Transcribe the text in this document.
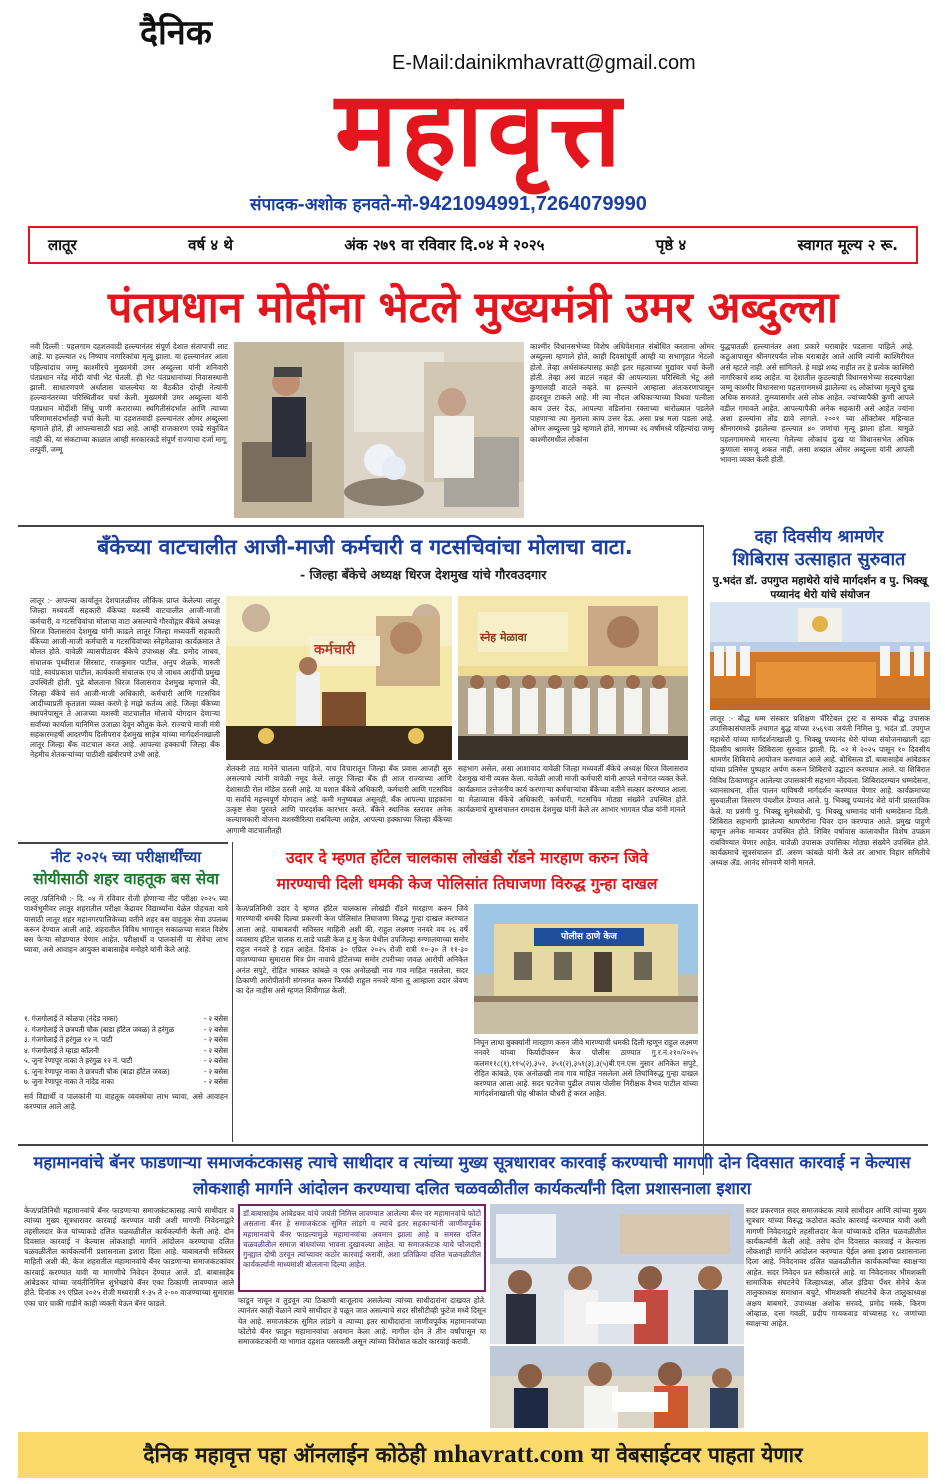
दैनिक
E-Mail:dainikmhavratt@gmail.com
महावृत्त
संपादक-अशोक हनवते-मो-9421094991,7264079990
लातूर	वर्ष ४ थे	अंक २७९ वा रविवार दि.०४ मे २०२५	पृष्ठे ४	स्वागत मूल्य २ रू.
पंतप्रधान मोदींना भेटले मुख्यमंत्री उमर अब्दुल्ला
नवी दिल्ली : पहलगाम दहशतवादी हल्ल्यानंतर संपूर्ण देशात संतापाची लाट आहे. या हल्ल्यात २६ निष्पाप नागरिकांचा मृत्यू झाला. या हल्ल्यानंतर आता पहिल्यांदाच जम्मू काश्मीरचे मुख्यमंत्री उमर अब्दुल्ला यांनी शनिवारी पंतप्रधान नरेंद्र मोदी यांची भेट घेतली. ही भेट पंतप्रधानांच्या निवासस्थानी झाली. साधारणपणे अर्धातास चालल्येया या बैठकीत दोन्ही नेत्यांनी हल्ल्यानंतरच्या परिस्थितीवर चर्चा केली. मुख्यमंत्री उमर अब्दुल्ला यांनी पंतप्रधान मोदींशी सिंधू पाणी कराराच्या स्थगितीसंदर्भात आणि त्याच्या परिणामासंदर्भातही चर्चा केली. या दहशतवादी हल्ल्यानंतर ओमर अब्दुल्ला म्हणाले होते, ही आपल्यासाठी धडा आहे. आम्ही राजकारण एवढे संकुचित नाही की, या संकटाच्या काळात आम्ही सरकारकडे संपूर्ण राज्याचा दर्जा मागू. तत्पूर्वी, जम्मू
काश्मीर विधानसभेच्या विशेष अधिवेशनात संबोधित करताना ओमर अब्दुल्ला म्हणाले होते, काही दिवसांपूर्वी आम्ही या सभागृहात भेटलो होतो. तेव्हा अर्थसंकल्पासह काही इतर महत्वाच्या मुद्यांवर चर्चा केली होती. तेव्हा असं वाटलं नव्हतं की आपल्याला परिस्थिती भेटू असे कुणालाही वाटले नव्हते. या हल्ल्याने आम्हाला अंतःकरणापासून हादरवून टाकले आहे. मी त्या नौदल अधिकाऱ्याच्या विधवा पत्नीला काय उत्तर देऊ, आपल्या वडिलांना रक्ताच्या थारोळ्यात पडलेले पाहणाऱ्या त्या मुलाला काय उत्तर देऊ. असा प्रश्न मला पडला आहे. ओमर अब्दुल्ला पुढे म्हणाले होते, मागच्या २६ वर्षांमध्ये पहिल्यांदा जम्मू काश्मीरमधील लोकांना
युद्धपातळी हल्ल्यानंतर अशा प्रकारे घराबाहेर पडताना पाहिले आहे. कठुआपासून श्रीनगरपर्यंत लोक घराबाहेर आले आणि त्यांनी काश्मिरीयत असे म्हटले नाही. असे सांगितले. हे माझे शब्द नाहीत तर हे प्रत्येक काश्मिरी नागरिकाचे शब्द आहेत. या देशातील कुठल्याही विधानसभेच्या सदस्यापेक्षा जम्मू काश्मीर विधानसभा पहलगाममध्ये झालेल्या २६ लोकांच्या मृत्यूचे दुःख अधिक समजते. तुम्च्यासमोर असे लोक आहेत. ज्यांच्यापैकी कुणी आपले वडील गमावले आहेत. आपल्यापैकी अनेक सहकारी असे आहेत ज्यांना अशा हल्ल्यांना तोंड द्यावे लागले. २००१ च्या ऑक्टोबर महिन्यात श्रीनगरमध्ये झालेल्या हल्ल्यात ४० जणांचा मृत्यू झाला होता. यामुळे पहलगाममध्ये मारल्या गेलेल्या लोकांचं दुःख या विधानसभेत अधिक कुणाला समजू शकत नाही, असा शब्दात ओमर अब्दुल्ला यांनी आपली भावना व्यक्त केली होती.
बँकेच्या वाटचालीत आजी-माजी कर्मचारी व गटसचिवांचा मोलाचा वाटा.
- जिल्हा बँकेचे अध्यक्ष धिरज देशमुख यांचे गौरवउदगार
लातूर :- आपल्या कार्यातून देशपातळीवर लौकिक प्राप्त केलेल्या लातूर जिल्हा मध्यवर्ती सहकारी बँकेच्या यशस्वी वाटचालीत आजी-माजी कर्मचारी, व गटसचिवांचा मोलाचा वाटा असल्याचे गौरवोद्गार बँकेचे अध्यक्ष धिरज विलासराव देशमुख यांनी काढले लातूर जिल्हा मध्यवर्ती सहकारी बँकेच्या आजी-माजी कर्मचारी व गटसचिवांच्या स्नेहमेळावा कार्यक्रमात ते बोलत होते. यावेळी व्यासपीठावर बँकेचे उपाध्यक्ष ॲड. प्रमोद जाधव, संचालक पृथ्वीराज सिरसाट, राजकुमार पाटील, अनुप शेळके, मारुती पांडे, स्वयंप्रकाश पाटील, कार्यकारी संचालक एच जे जाधव आदींची प्रमुख उपस्थिती होती. पुढे बोलताना धिरज विलासराव देशमुख म्हणाले की, जिल्हा बँकेचे सर्व आजी-माजी अधिकारी, कर्मचारी आणि गटसचिव आदींच्याप्रती कृतज्ञता व्यक्त करणे हे माझे कर्तव्य आहे. जिल्हा बँकेच्या स्थापनेपासून ते आजच्या यशस्वी वाटचालीत मोलाचे योगदान देणाऱ्या सर्वांच्या कार्याला यानिमित्त उजाळा देवून कौतुक केले. राज्याचे माजी मंत्री सहकारमहर्षी आदरणीय दिलीपराव देशमुख साहेब यांच्या मार्गदर्शनाखाली लातूर जिल्हा बँक वाटचाल करत आहे. आपल्या हक्काची जिल्हा बँक नेहमीच शेतकऱ्यांच्या पाठीशी खंबीरपणे उभी आहे.
कर्मचारी
स्नेह मेळावा
शेतकरी ताठ मानेने चालला पाहिजे, याच विचारातून जिल्हा बँक प्रवास आजही सुरु असल्याचे त्यांनी यावेळी नमूद केले. लातूर जिल्हा बँक ही आज राज्याच्या आणि देशासाठी रोल मॉडेल ठरली आहे. या यशात बँकेचे अधिकारी, कर्मचारी आणि गटसचिव या सर्वांचे महत्त्वपूर्ण योगदान आहे. कमी मनुष्यबळ असूनही, बँक आपल्या ग्राहकांना उत्कृष्ट सेवा पुरवते आणि पारदर्शक कारभार करते. बँकेने स्थानिक स्तरावर अनेक कल्याणकारी योजना यशस्वीरित्या राबविल्या आहेत, आपल्या हक्काच्या जिल्हा बँकेच्या आगामी वाटचालीतही
सहभाग असेल, असा आशावाद यावेळी जिल्हा मध्यवर्ती बँकेचे अध्यक्ष धिरज विलासराव देशमुख यांनी व्यक्त केला. यावेळी आजी माजी कर्मचारी यांनी आपले मनोगत व्यक्त केले. कार्यक्रमात उत्तेजनीय कार्य करणाऱ्या कर्मचाऱ्यांचा बँकेच्या वतीने सत्कार करण्यात आला. या मेळाव्यास बँकेचे अधिकारी, कर्मचारी, गटसचिव मोठ्या संख्येने उपस्थित होते. कार्यक्रमाचे सूत्रसंचालन रामदास देशमुख यांनी केले तर आभार भागवत पौळ यांनी मानले
दहा दिवसीय श्रामणेर
शिबिरास उत्साहात सुरुवात
पु.भदंत डॉ. उपगुप्त महाथेरो यांचे मार्गदर्शन व पु. भिक्खू पय्यानंद थेरो यांचे संयोजन
लातूर :- बौद्ध धम्म संस्कार प्रशिक्षण चॅरिटेबल ट्रस्ट व सम्यक बौद्ध उपासक उपासिकासंघातर्फे तथागत बुद्ध यांच्या २५६९वा जयंती निमित्त पु. भदंत डॉ. उपगुप्त महाथेरो यांच्या मार्गदर्शनाखाली पु. भिक्खू पय्यानंद थेरो यांच्या संयोजनाखाली दहा दिवसीय श्रामणेर शिबिराला सुरुवात झाली. दि. ०२ मे २०२५ पासून १० दिवसीय श्रामणेर शिबिराचे आयोजन करण्यात आले आहे. बोधिसत्व डॉ. बाबासाहेब आंबेडकर यांच्या प्रतिमेस पुष्पहार अर्पण करून शिबिराचे उद्घाटन करण्यात आले. या शिबिरात विविध ठिकाणाहून आलेल्या उपासकांनी सहभाग नोंदवला. शिबिरादरम्यान धम्मदेसना, ध्यानसाधना, शील पालन याविषयी मार्गदर्शन करण्यात येणार आहे. कार्यक्रमाच्या सुरुवातीला त्रिसरण पंचशील देण्यात आले. पु. भिक्खू पय्यानंद थेरो यांनी प्रास्ताविक केले. या प्रसंगी पु. भिक्खू सुमेधबोधी, पु. भिक्खू धम्मानंद यांनी धम्मदेसना दिली. शिबिरात सहभागी झालेल्या श्रामणेरांना चिवर दान करण्यात आले. प्रमुख पाहुणे म्हणून अनेक मान्यवर उपस्थित होते. शिबिर वर्षावास कालावधीत विशेष उपक्रम राबविण्यात येणार आहेत. यावेळी उपासक उपासिका मोठ्या संख्येने उपस्थित होते. कार्यक्रमाचे सूत्रसंचालन डॉ. अरुण कांबळे यांनी केले तर आभार विहार समितीचे अध्यक्ष ॲड. आनंद सोनवणे यांनी मानले.
नीट २०२५ च्या परीक्षार्थींच्या
सोयीसाठी शहर वाहतूक बस सेवा
लातूर /प्रतिनिधी :- दि. ०४ मे रविवार रोजी होणाऱ्या नीट परीक्षा २०२५ च्या पार्श्वभूमीवर लातूर शहरातील परीक्षा केंद्रावर विद्यार्थ्यांना वेळेत पोहचता यावे यासाठी लातूर शहर महानगरपालिकेच्या वतीने शहर बस वाहतूक सेवा उपलब्ध करून देण्यात आली आहे. शहरातील विविध भागातून सकाळच्या सत्रात विशेष बस फेऱ्या सोडण्यात येणार आहेत. परीक्षार्थी व पालकांनी या सेवेचा लाभ घ्यावा, असे आवाहन आयुक्त बाबासाहेब मनोहरे यांनी केले आहे.
१. गंजगोलाई ते कोळपा (नंदेड नाका)	- २ बसेस
२. गंजगोलाई ते छत्रपती चौक (बाडा हॉटेल जवळ) ते हरंगुळ	- २ बसेस
३. गंजगोलाई ते हरंगुळ १२ न. पाटी	- २ बसेस
४. गंजगोलाई ते म्हाडा कॉलनी	- २ बसेस
५. जुना रेणापूर नाका ते हरंगुळ १२ नं. पाटी	- २ बसेस
६. जुना रेणापूर नाका ते छत्रपती चौक (बाडा हॉटेल जवळ)	- २ बसेस
७. जुना रेणापूर नाका ते नांदेड नाका	- २ बसेस
सर्व विद्यार्थी व पालकांनी या वाहतूक व्यवस्थेचा लाभ घ्यावा, असे आवाहन करण्यात आले आहे.
उदार दे म्हणत हॉटेल चालकास लोखंडी रॉडने मारहाण करुन जिवे
मारण्याची दिली धमकी केज पोलिसांत तिघाजणा विरुद्ध गुन्हा दाखल
केज/प्रतिनिधी उदार दे म्हणत हॉटेल चालकास लोखंडी रॉडने मारहाण करुन जिवे मारण्याची धमकी दिल्या प्रकरणी केज पोलिसांत तिघाजणा विरुद्ध गुन्हा दाखल करण्यात आला आहे. याबाबतची सविस्तर माहिती अशी की, राहुल लक्ष्मण ननवरे वय २६ वर्षे व्यवसाय हॉटेल चालक रा.लाडे चाळी केज ह.मु केज येथील उपजिल्हा रुग्णालयाच्या समोर राहुल ननवरे हे राहत आहेत. दिनांक ३० एप्रिल २०२५ रोजी रात्री १०-३० ते ११-३० वाजण्याच्या सुमारास मित्र प्रेम नावाचे हॉटेलच्या समोर टपरीच्या जवळ आरोपी अनिकेत अनंत सपुटे, रोहित भास्कर कांबळे व एक अनोळखी नाव गाव माहित नसलेला, सदर ठिकाणी आरोपीतांनी संगनमत करुन फिर्यादी राहुल ननवरे यांना तू आम्हाला उदार जेवण का देत नाहीस असे म्हणत शिवीगाळ केली.
पोलीस ठाणे केज
निघून लाथा बुक्क्यांनी मारहाण करुन जीवे मारण्याची धमकी दिली म्हणून राहुल लक्ष्मण ननवरे यांच्या फिर्यादीवरुन केज पोलीस ठाण्यात गु.र.नं.२१०/२०२५ कलम११८(१),११५(२),३५२, ३५१(२),३५१(३),३(५)बी.एन.एस नुसार अनिकेत सपुटे, रोहित कांबळे, एक अनोळखी नाव गाव माहित नसलेला असे तिघांविरुद्ध गुन्हा दाखल करण्यात आला आहे. सदर घटनेचा पुढील तपास पोलीस निरीक्षक वैभव पाटील यांच्या मार्गदर्शनाखाली पोह श्रीकांत चौधरी हे करत आहेत.
महामानवांचे बॅनर फाडणाऱ्या समाजकंटकासह त्याचे साथीदार व त्यांच्या मुख्य सूत्रधारावर कारवाई करण्याची मागणी दोन दिवसात कारवाई न केल्यास लोकशाही मार्गाने आंदोलन करण्याचा दलित चळवळीतील कार्यकर्त्यांनी दिला प्रशासनाला इशारा
केज/प्रतिनिधी महामानवांचे बॅनर फाडणाऱ्या समाजकंटकासह त्याचे साथीदार व त्यांच्या मुख्य सूत्रधारावर कारवाई करण्यात यावी अशी मागणी निवेदनाद्वारे तहसीलदार केज यांच्याकडे दलित चळवळीतील कार्यकर्त्यांनी केली आहे. दोन दिवसात कारवाई न केल्यास लोकशाही मार्गाने आंदोलन करण्याचा दलित चळवळीतील कार्यकर्त्यांनी प्रशासनाला इशारा दिला आहे. याबाबतची सविस्तर माहिती अशी की, केज शहरातील महामानवांचे बॅनर फाडणाऱ्या समाजकंटकांवर कारवाई करण्यात यावी या मागणीचे निवेदन देण्यात आले. डॉ. बाबासाहेब आंबेडकर यांच्या जयंतीनिमित्त शुभेच्छांचे बॅनर एका ठिकाणी लावण्यात आले होते. दिनांक २९ एप्रिल २०२५ रोजी मध्यरात्री १-३५ ते २-०० वाजण्याच्या सुमारास एका चार चाकी गाडीने काही व्यक्ती येऊन बॅनर फाडले.
डॉ.बाबासाहेब आंबेडकर यांचे जयंती निमित्त लावण्यात आलेल्या बॅनर वर महामानवांचे फोटो असताना बॅनर हे समाजकंटक सुमित लांडगे व त्याचे इतर सहकाऱ्यांनी जाणीवपूर्वक महामानवांचे बॅनर फाडल्यामुळे महामानवांचा अवमान झाला आहे व समस्त दलित चळवळीतील समाज बांधवांच्या भावना दुखावल्या आहेत. या समाजकंटक याचे फौजदारी गुन्ह्यात दोषी ठरवून त्यांच्यावर कठोर कारवाई करावी, अशा प्रतिक्रिया दलित चळवळीतील कार्यकर्त्यांनी माध्यमांशी बोलताना दिल्या आहेत.
सदर प्रकरणात सदर समाजकंटक त्याचे साथीदार आणि त्यांच्या मुख्य सूत्रधार यांच्या विरुद्ध कठोरात कठोर कारवाई करण्यात यावी अशी मागणी निवेदनाद्वारे तहसीलदार केज यांच्याकडे दलित चळवळीतील कार्यकर्त्यांनी केली आहे. तसेच दोन दिवसात कारवाई न केल्यास लोकशाही मार्गाने आंदोलन करण्यात येईल असा इशारा प्रशासनाला दिला आहे. निवेदनावर दलित चळवळीतील कार्यकर्त्यांच्या स्वाक्षऱ्या आहेत. सदर निवेदन प्रत स्वीकारले आहे. या निवेदनावर भीमशक्ती सामाजिक संघटनेचे जिल्हाध्यक्ष, ऑल इंडिया पँथर सेनेचे केज तालुकाध्यक्ष समाधान बचुटे, भीमशक्ती संघटनेचे केज तालुकाध्यक्ष अक्षय बाबमारे, उपाध्यक्ष अशोक सरवदे, प्रमोद मस्के, किरण ओव्हाळ, दत्ता गवळी, प्रदीप गायकवाड यांच्यासह १८ जणांच्या स्वाक्षऱ्या आहेत.
फाडून नाचून व तुडवून त्या ठिकाणी बाजूलाच असलेल्या त्यांच्या साथीदारांना दाखवत होते. त्यानंतर काही वेळाने त्याचे साथीदार हे पळून जात असल्याचे सदर सीसीटीव्ही फुटेज मध्ये दिसून येत आहे. समाजकंटक सुमित लांडगे व त्याच्या इतर साथीदारांना जाणीवपूर्वक महामानवांच्या फोटोचे बॅनर फाडून महामानवांचा अवमान केला आहे. मागील दोन ते तीन वर्षांपासून या समाजकंटकांनी या भागात दहशत पसरवली असून त्यांच्या विरोधात कठोर कारवाई करावी.
दैनिक महावृत्त पहा ऑनलाईन कोठेही
mhavratt.com
या वेबसाईटवर पाहता येणार
